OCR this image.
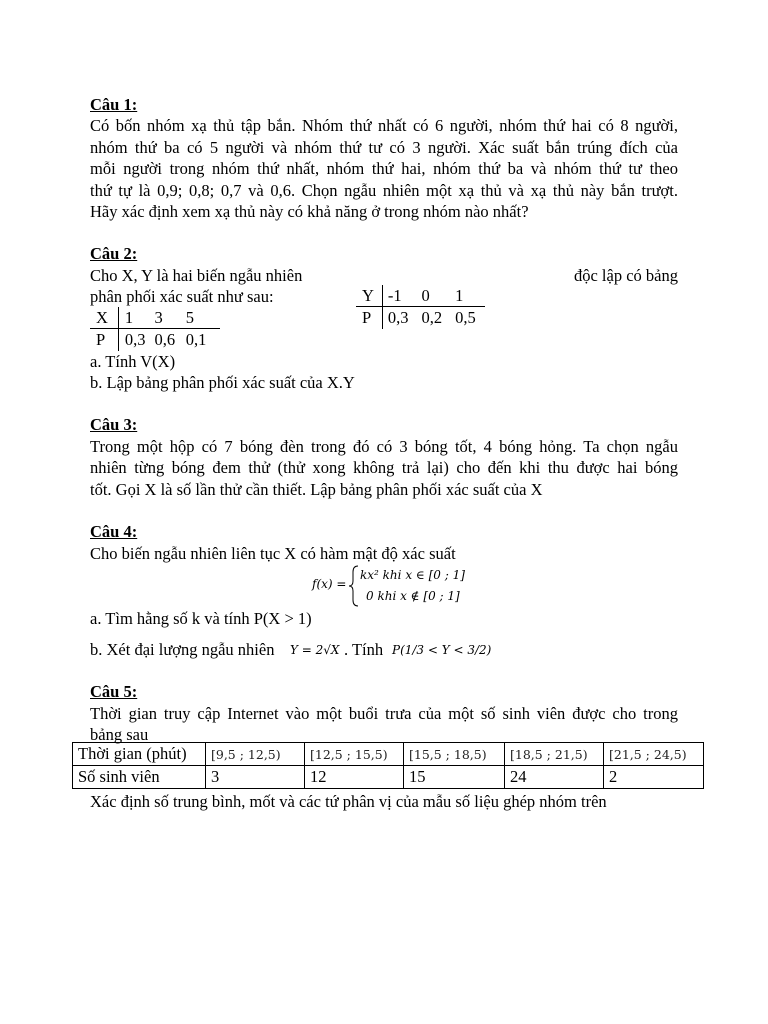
Câu 1:
Có bốn nhóm xạ thủ tập bắn. Nhóm thứ nhất có 6 người, nhóm thứ hai có 8 người,
nhóm thứ ba có 5 người và nhóm thứ tư có 3 người. Xác suất bắn trúng đích của
mỗi người trong nhóm thứ nhất, nhóm thứ hai, nhóm thứ ba và nhóm thứ tư theo
thứ tự là 0,9; 0,8; 0,7 và 0,6. Chọn ngẫu nhiên một xạ thủ và xạ thủ này bắn trượt.
Hãy xác định xem xạ thủ này có khả năng ở trong nhóm nào nhất?
Câu 2:
Cho X, Y là hai biến ngẫu nhiên	độc lập có bảng
phân phối xác suất như sau:	Y	-1	0	1
P	0,3	0,2	0,5
X	1	3	5
P	0,3	0,6	0,1
a. Tính V(X)
b. Lập bảng phân phối xác suất của X.Y
Câu 3:
Trong một hộp có 7 bóng đèn trong đó có 3 bóng tốt, 4 bóng hỏng. Ta chọn ngẫu
nhiên từng bóng đem thử (thử xong không trả lại) cho đến khi thu được hai bóng
tốt. Gọi X là số lần thử cần thiết. Lập bảng phân phối xác suất của X
Câu 4:
Cho biến ngẫu nhiên liên tục X có hàm mật độ xác suất
f(x) =
kx² khi x ∈ [0 ; 1]
0 khi x ∉ [0 ; 1]
a. Tìm hằng số k và tính P(X > 1)
b. Xét đại lượng ngẫu nhiên Y = 2√X . Tính P(1/3 < Y < 3/2)
Câu 5:
Thời gian truy cập Internet vào một buổi trưa của một số sinh viên được cho trong
bảng sau
Thời gian (phút)	[9,5 ; 12,5)	[12,5 ; 15,5)	[15,5 ; 18,5)	[18,5 ; 21,5)	[21,5 ; 24,5)
Số sinh viên	3	12	15	24	2
Xác định số trung bình, mốt và các tứ phân vị của mẫu số liệu ghép nhóm trên
